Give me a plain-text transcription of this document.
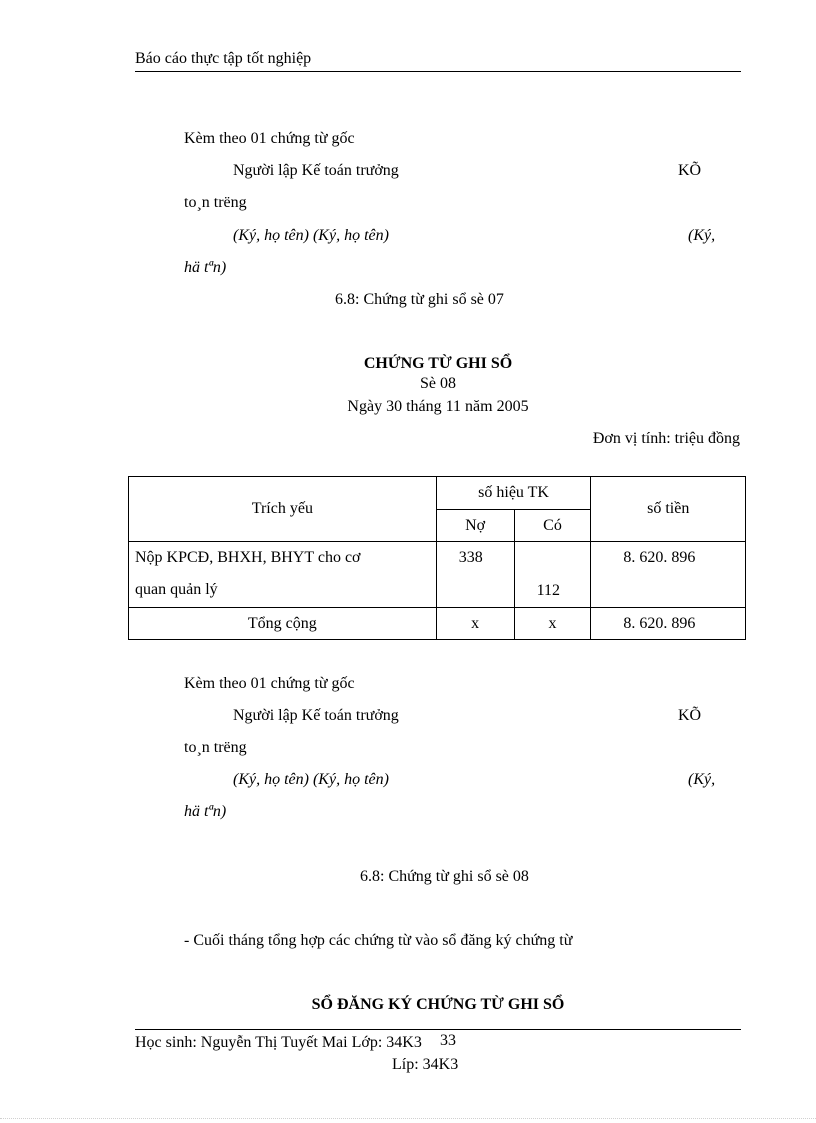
Báo cáo thực tập tốt nghiệp
Kèm theo 01 chứng từ gốc
Người lập Kế toán trưởng	KÕ
to¸n trëng
(Ký, họ tên) (Ký, họ tên)	(Ký,
hä tªn)
6.8: Chứng từ ghi sổ sè 07
CHỨNG TỪ GHI SỔ
Sè 08
Ngày 30 tháng 11 năm 2005
Đơn vị tính: triệu đồng
Trích yếu	số hiệu TK		số tiền
	Nợ	Có	

Nộp KPCĐ, BHXH, BHYT cho cơ
quan quản lý	338	112	8. 620. 896
Tổng cộng	x	x	8. 620. 896
Kèm theo 01 chứng từ gốc
Người lập Kế toán trưởng	KÕ
to¸n trëng
(Ký, họ tên) (Ký, họ tên)	(Ký,
hä tªn)
6.8: Chứng từ ghi sổ sè 08
- Cuối tháng tổng hợp các chứng từ vào sổ đăng ký chứng từ
SỔ ĐĂNG KÝ CHỨNG TỪ GHI SỔ
Học sinh: Nguyễn Thị Tuyết Mai Lớp: 34K3 33
Líp: 34K3
